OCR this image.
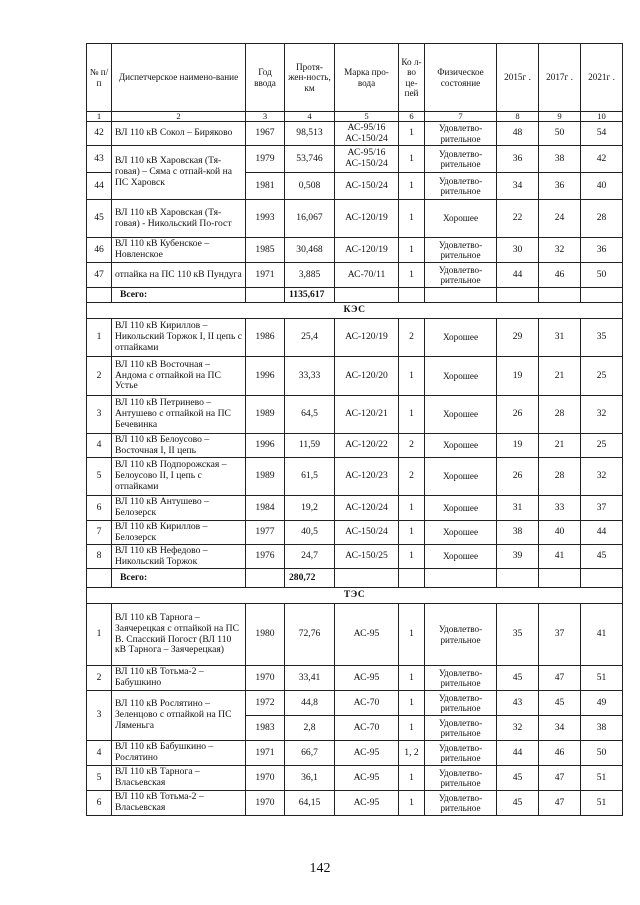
№ п/п	Диспетчерское наимено-вание	Год ввода	Протя-жен-ность, км	Марка про-вода	Ко л-во це-пей	Физическое состояние	2015г .	2017г .	2021г .
1	2	3	4	5	6	7	8	9	10
42	ВЛ 110 кВ Сокол – Биряково	1967	98,513	АС-95/16 АС-150/24	1	Удовлетво-рительное	48	50	54
43	ВЛ 110 кВ Харовская (Тя-говая) – Сяма с отпай-кой на ПС Харовск	1979	53,746	АС-95/16 АС-150/24	1	Удовлетво-рительное	36	38	42
44		1981	0,508	АС-150/24	1	Удовлетво-рительное	34	36	40
45	ВЛ 110 кВ Харовская (Тя-говая) - Никольский По-гост	1993	16,067	АС-120/19	1	Хорошее	22	24	28
46	ВЛ 110 кВ Кубенское – Новленское	1985	30,468	АС-120/19	1	Удовлетво-рительное	30	32	36
47	отпайка на ПС 110 кВ Пундуга	1971	3,885	АС-70/11	1	Удовлетво-рительное	44	46	50
	Всего:		1135,617						
КЭС									
1	ВЛ 110 кВ Кириллов – Никольский Торжок I, II цепь с отпайками	1986	25,4	АС-120/19	2	Хорошее	29	31	35
2	ВЛ 110 кВ Восточная – Андома с отпайкой на ПС Устье	1996	33,33	АС-120/20	1	Хорошее	19	21	25
3	ВЛ 110 кВ Петринево – Антушево с отпайкой на ПС Бечевинка	1989	64,5	АС-120/21	1	Хорошее	26	28	32
4	ВЛ 110 кВ Белоусово – Восточная I, II цепь	1996	11,59	АС-120/22	2	Хорошее	19	21	25
5	ВЛ 110 кВ Подпорожская – Белоусово II, I цепь с отпайками	1989	61,5	АС-120/23	2	Хорошее	26	28	32
6	ВЛ 110 кВ Антушево – Белозерск	1984	19,2	АС-120/24	1	Хорошее	31	33	37
7	ВЛ 110 кВ Кириллов – Белозерск	1977	40,5	АС-150/24	1	Хорошее	38	40	44
8	ВЛ 110 кВ Нефедово – Никольский Торжок	1976	24,7	АС-150/25	1	Хорошее	39	41	45
	Всего:		280,72						
ТЭС									
1	ВЛ 110 кВ Тарнога – Заячерецкая с отпайкой на ПС В. Спасский Погост (ВЛ 110 кВ Тарнога – Заячерецкая)	1980	72,76	АС-95	1	Удовлетво-рительное	35	37	41
2	ВЛ 110 кВ Тотьма-2 – Бабушкино	1970	33,41	АС-95	1	Удовлетво-рительное	45	47	51
3	ВЛ 110 кВ Рослятино – Зеленцово с отпайкой на ПС Ляменьга	1972	44,8	АС-70	1	Удовлетво-рительное	43	45	49
		1983	2,8	АС-70	1	Удовлетво-рительное	32	34	38
4	ВЛ 110 кВ Бабушкино – Рослятино	1971	66,7	АС-95	1, 2	Удовлетво-рительное	44	46	50
5	ВЛ 110 кВ Тарнога – Власьевская	1970	36,1	АС-95	1	Удовлетво-рительное	45	47	51
6	ВЛ 110 кВ Тотьма-2 – Власьевская	1970	64,15	АС-95	1	Удовлетво-рительное	45	47	51
142
